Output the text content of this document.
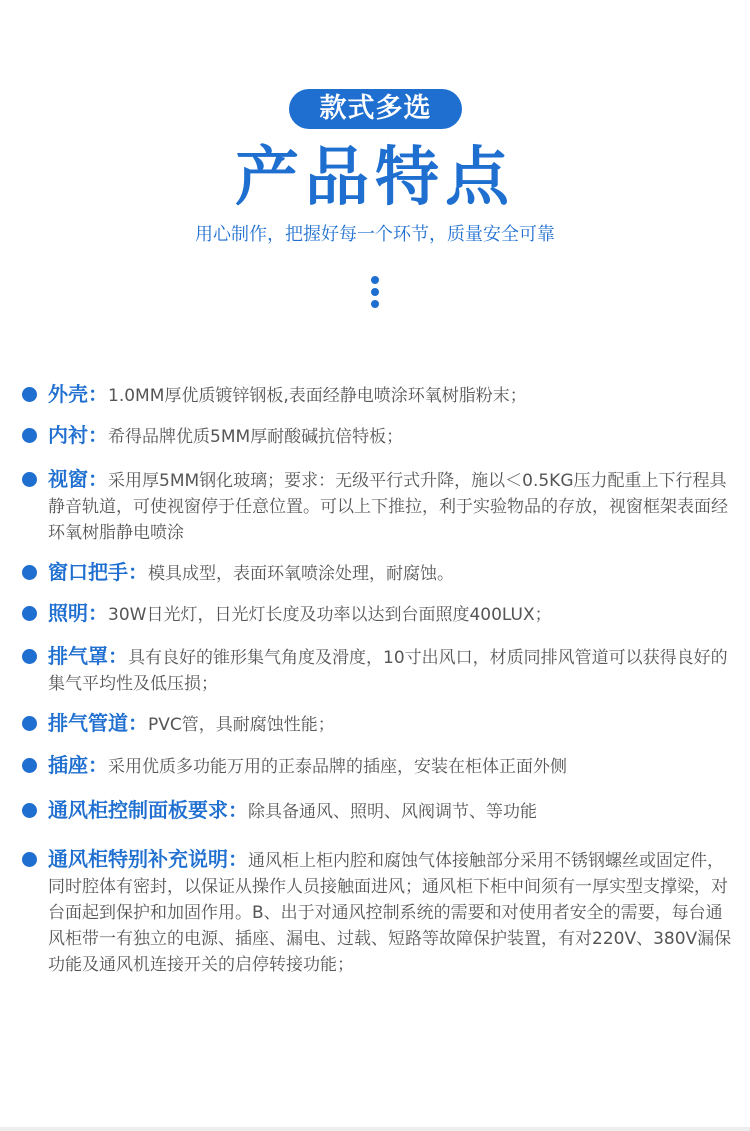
款式多选
产品特点
用心制作，把握好每一个环节，质量安全可靠
外壳：1.0MM厚优质镀锌钢板,表面经静电喷涂环氧树脂粉末；
内衬：希得品牌优质5MM厚耐酸碱抗倍特板；
视窗：采用厚5MM钢化玻璃；要求：无级平行式升降，施以＜0.5KG压力配重上下行程具静音轨道，可使视窗停于任意位置。可以上下推拉，利于实验物品的存放，视窗框架表面经环氧树脂静电喷涂
窗口把手：模具成型，表面环氧喷涂处理，耐腐蚀。
照明：30W日光灯，日光灯长度及功率以达到台面照度400LUX；
排气罩：具有良好的锥形集气角度及滑度，10寸出风口，材质同排风管道可以获得良好的集气平均性及低压损；
排气管道：PVC管，具耐腐蚀性能；
插座：采用优质多功能万用的正泰品牌的插座，安装在柜体正面外侧
通风柜控制面板要求：除具备通风、照明、风阀调节、等功能
通风柜特别补充说明：通风柜上柜内腔和腐蚀气体接触部分采用不锈钢螺丝或固定件， 同时腔体有密封，以保证从操作人员接触面进风；通风柜下柜中间须有一厚实型支撑梁，对台面起到保护和加固作用。B、出于对通风控制系统的需要和对使用者安全的需要，每台通风柜带一有独立的电源、插座、漏电、过载、短路等故障保护装置，有对220V、380V漏保功能及通风机连接开关的启停转接功能；
